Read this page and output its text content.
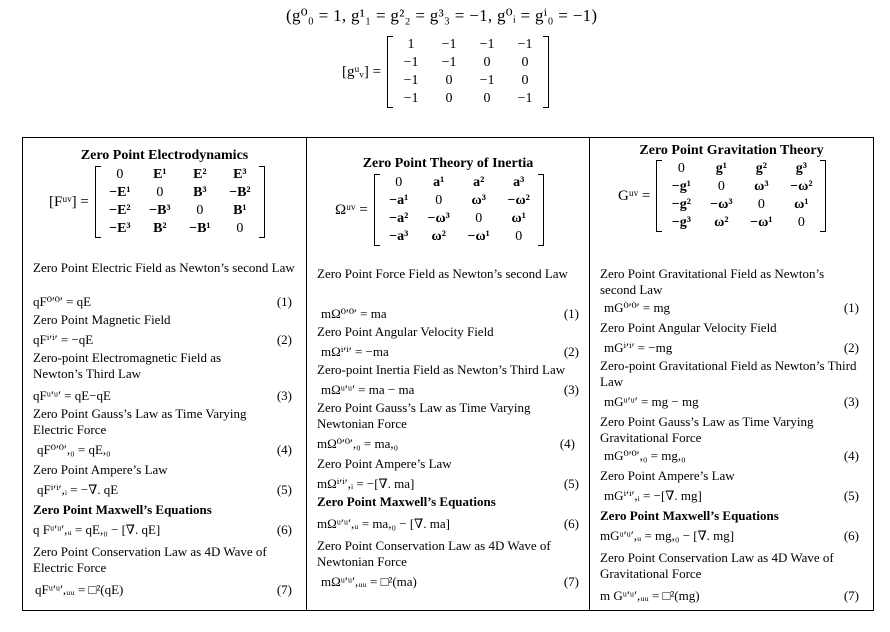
(g⁰₀ = 1, g¹₁ = g²₂ = g³₃ = −1, g⁰ᵢ = gⁱ₀ = −1)
[gᵘᵥ] =
1	−1	−1	−1
−1	−1	0	0
−1	0	−1	0
−1	0	0	−1
Zero Point Electrodynamics
[Fᵘᵛ] =
0	E¹	E²	E³
−E¹	0	B³	−B²
−E²	−B³	0	B¹
−E³	B²	−B¹	0
Zero Point Electric Field as Newton’s second Law
qF⁰′⁰′ = qE	(1)
Zero Point Magnetic Field
qFⁱ′ⁱ′ = −qE	(2)
Zero-point Electromagnetic Field as Newton’s Third Law
qFᵘ′ᵘ′ = qE−qE	(3)
Zero Point Gauss’s Law as Time Varying Electric Force
qF⁰′⁰′,₀ = qE,₀	(4)
Zero Point Ampere’s Law
qFⁱ′ⁱ′,ᵢ = −∇. qE	(5)
Zero Point Maxwell’s Equations
q Fᵘ′ᵘ′,ᵤ = qE,₀ − [∇. qE]	(6)
Zero Point Conservation Law as 4D Wave of Electric Force
qFᵘ′ᵘ′,ᵤᵤ = □²(qE)	(7)
Zero Point Theory of Inertia
Ωᵘᵛ =
0	a¹	a²	a³
−a¹	0	ω³	−ω²
−a²	−ω³	0	ω¹
−a³	ω²	−ω¹	0
Zero Point Force Field as Newton’s second Law
mΩ⁰′⁰′ = ma	(1)
Zero Point Angular Velocity Field
mΩⁱ′ⁱ′ = −ma	(2)
Zero-point Inertia Field as Newton’s Third Law
mΩᵘ′ᵘ′ = ma − ma	(3)
Zero Point Gauss’s Law as Time Varying Newtonian Force
mΩ⁰′⁰′,₀ = ma,₀	(4)
Zero Point Ampere’s Law
mΩⁱ′ⁱ′,ᵢ = −[∇. ma]	(5)
Zero Point Maxwell’s Equations
mΩᵘ′ᵘ′,ᵤ = ma,₀ − [∇. ma]	(6)
Zero Point Conservation Law as 4D Wave of Newtonian Force
mΩᵘ′ᵘ′,ᵤᵤ = □²(ma)	(7)
Zero Point Gravitation Theory
Gᵘᵛ =
0	g¹	g²	g³
−g¹	0	ω³	−ω²
−g²	−ω³	0	ω¹
−g³	ω²	−ω¹	0
Zero Point Gravitational Field as Newton’s second Law
mG⁰′⁰′ = mg	(1)
Zero Point Angular Velocity Field
mGⁱ′ⁱ′ = −mg	(2)
Zero-point Gravitational Field as Newton’s Third Law
mGᵘ′ᵘ′ = mg − mg	(3)
Zero Point Gauss’s Law as Time Varying Gravitational Force
mG⁰′⁰′,₀ = mg,₀	(4)
Zero Point Ampere’s Law
mGⁱ′ⁱ′,ᵢ = −[∇. mg]	(5)
Zero Point Maxwell’s Equations
mGᵘ′ᵘ′,ᵤ = mg,₀ − [∇. mg]	(6)
Zero Point Conservation Law as 4D Wave of Gravitational Force
m Gᵘ′ᵘ′,ᵤᵤ = □²(mg)	(7)
